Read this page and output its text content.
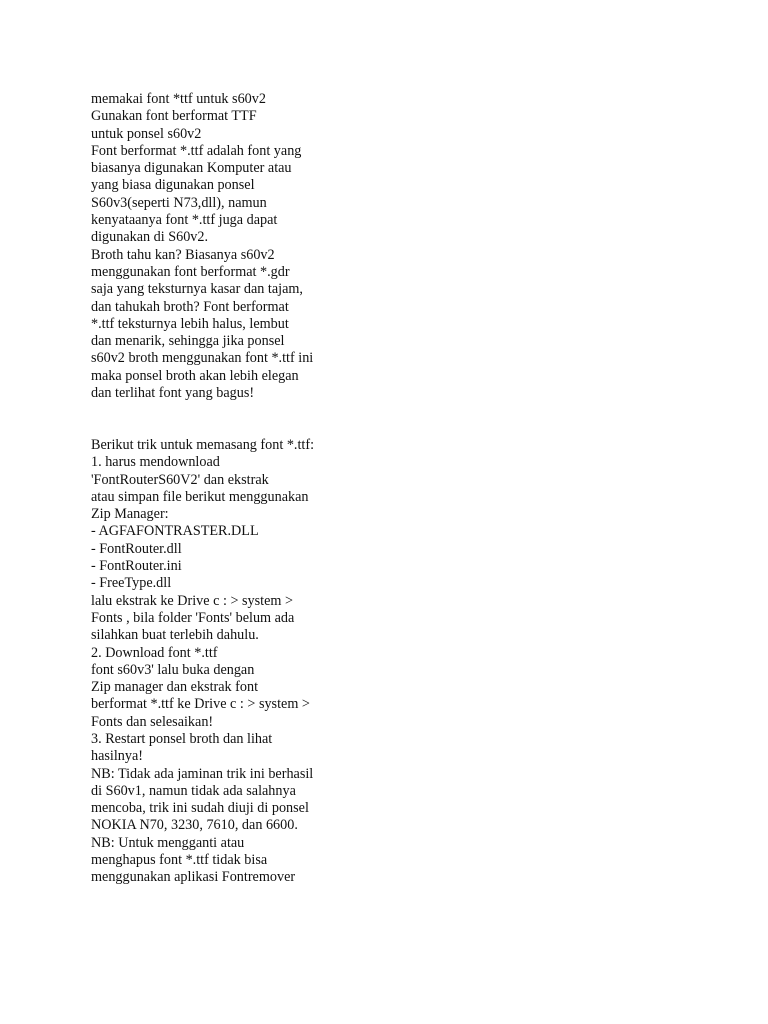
memakai font *ttf untuk s60v2
Gunakan font berformat TTF
untuk ponsel s60v2
Font berformat *.ttf adalah font yang
biasanya digunakan Komputer atau
yang biasa digunakan ponsel
S60v3(seperti N73,dll), namun
kenyataanya font *.ttf juga dapat
digunakan di S60v2.
Broth tahu kan? Biasanya s60v2
menggunakan font berformat *.gdr
saja yang teksturnya kasar dan tajam,
dan tahukah broth? Font berformat
*.ttf teksturnya lebih halus, lembut
dan menarik, sehingga jika ponsel
s60v2 broth menggunakan font *.ttf ini
maka ponsel broth akan lebih elegan
dan terlihat font yang bagus!
Berikut trik untuk memasang font *.ttf:
1. harus mendownload
'FontRouterS60V2' dan ekstrak
atau simpan file berikut menggunakan
Zip Manager:
- AGFAFONTRASTER.DLL
- FontRouter.dll
- FontRouter.ini
- FreeType.dll
lalu ekstrak ke Drive c : > system >
Fonts , bila folder 'Fonts' belum ada
silahkan buat terlebih dahulu.
2. Download font *.ttf
font s60v3' lalu buka dengan
Zip manager dan ekstrak font
berformat *.ttf ke Drive c : > system >
Fonts dan selesaikan!
3. Restart ponsel broth dan lihat
hasilnya!
NB: Tidak ada jaminan trik ini berhasil
di S60v1, namun tidak ada salahnya
mencoba, trik ini sudah diuji di ponsel
NOKIA N70, 3230, 7610, dan 6600.
NB: Untuk mengganti atau
menghapus font *.ttf tidak bisa
menggunakan aplikasi Fontremover
